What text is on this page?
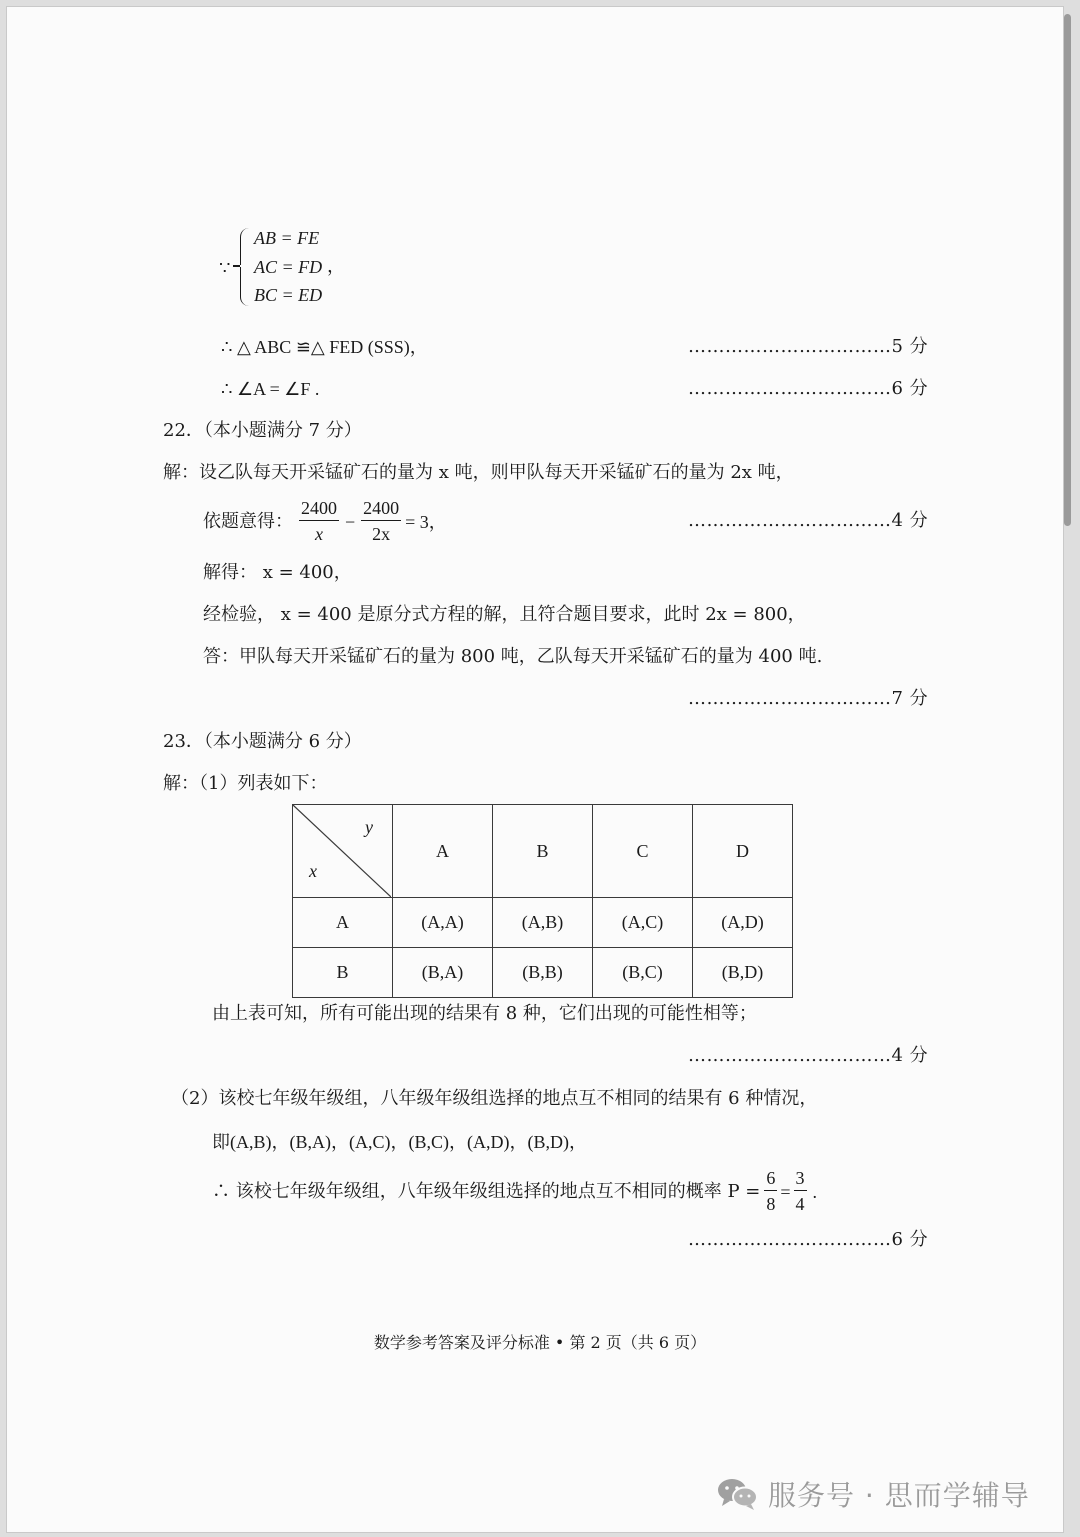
∵
AB = FE
AC = FD ，
BC = ED
∴ △ ABC ≌△ FED (SSS)，	……………………………5 分
∴ ∠A = ∠F .	……………………………6 分
22．（本小题满分 7 分）
解：设乙队每天开采锰矿石的量为 x 吨，则甲队每天开采锰矿石的量为 2x 吨，
依题意得： $\frac{2400}{x} - \frac{2400}{2x} = 3$，	……………………………4 分
解得： x = 400，
经检验， x = 400 是原分式方程的解，且符合题目要求，此时 2x = 800，
答：甲队每天开采锰矿石的量为 800 吨，乙队每天开采锰矿石的量为 400 吨.
……………………………7 分
23．（本小题满分 6 分）
解：（1）列表如下：
y
x	A	B	C	D
A	(A,A)	(A,B)	(A,C)	(A,D)
B	(B,A)	(B,B)	(B,C)	(B,D)
由上表可知，所有可能出现的结果有 8 种，它们出现的可能性相等；
……………………………4 分
（2）该校七年级年级组，八年级年级组选择的地点互不相同的结果有 6 种情况，
即(A,B)，(B,A)，(A,C)，(B,C)，(A,D)，(B,D)，
∴ 该校七年级年级组，八年级年级组选择的地点互不相同的概率 $P = \frac{6}{8} = \frac{3}{4}$ .
……………………………6 分
数学参考答案及评分标准 • 第 2 页（共 6 页）
服务号 · 思而学辅导
